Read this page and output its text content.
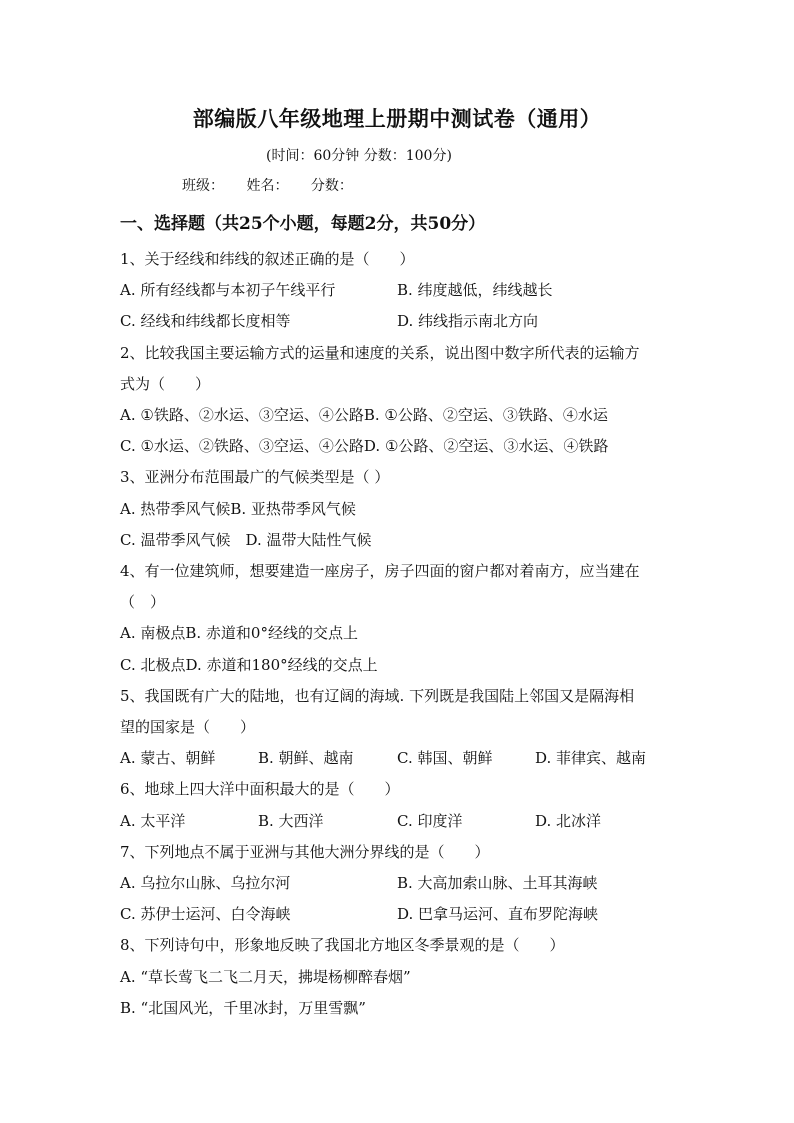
部编版八年级地理上册期中测试卷（通用）
(时间：60分钟 分数：100分)
班级： 姓名： 分数：
一、选择题（共25个小题，每题2分，共50分）
1、关于经线和纬线的叙述正确的是（　　）
A. 所有经线都与本初子午线平行	B. 纬度越低，纬线越长
C. 经线和纬线都长度相等	D. 纬线指示南北方向
2、比较我国主要运输方式的运量和速度的关系，说出图中数字所代表的运输方
式为（　　）
A. ①铁路、②水运、③空运、④公路B. ①公路、②空运、③铁路、④水运
C. ①水运、②铁路、③空运、④公路D. ①公路、②空运、③水运、④铁路
3、亚洲分布范围最广的气候类型是（ ）
A. 热带季风气候B. 亚热带季风气候
C. 温带季风气候　D. 温带大陆性气候
4、有一位建筑师，想要建造一座房子，房子四面的窗户都对着南方，应当建在
（　）
A. 南极点B. 赤道和0°经线的交点上
C. 北极点D. 赤道和180°经线的交点上
5、我国既有广大的陆地，也有辽阔的海域. 下列既是我国陆上邻国又是隔海相
望的国家是（　　）
A. 蒙古、朝鲜	B. 朝鲜、越南	C. 韩国、朝鲜	D. 菲律宾、越南
6、地球上四大洋中面积最大的是（　　）
A. 太平洋	B. 大西洋	C. 印度洋	D. 北冰洋
7、下列地点不属于亚洲与其他大洲分界线的是（　　）
A. 乌拉尔山脉、乌拉尔河	B. 大高加索山脉、土耳其海峡
C. 苏伊士运河、白令海峡	D. 巴拿马运河、直布罗陀海峡
8、下列诗句中，形象地反映了我国北方地区冬季景观的是（　　）
A. “草长莺飞二飞二月天，拂堤杨柳醉春烟”
B. “北国风光，千里冰封，万里雪飘”
